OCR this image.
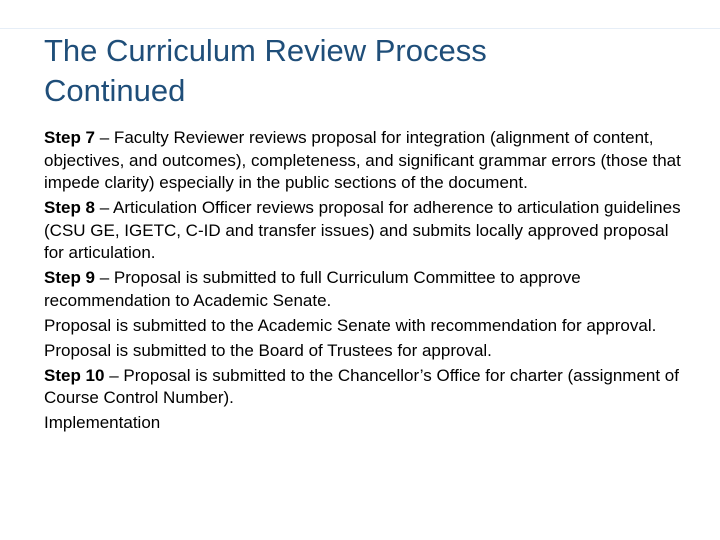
The Curriculum Review Process
Continued

Step 7 – Faculty Reviewer reviews proposal for integration (alignment of content, objectives, and outcomes), completeness, and significant grammar errors (those that impede clarity) especially in the public sections of the document.

Step 8 – Articulation Officer reviews proposal for adherence to articulation guidelines (CSU GE, IGETC, C-ID and transfer issues) and submits locally approved proposal for articulation.

Step 9 – Proposal is submitted to full Curriculum Committee to approve recommendation to Academic Senate.

Proposal is submitted to the Academic Senate with recommendation for approval.

Proposal is submitted to the Board of Trustees for approval.

Step 10 – Proposal is submitted to the Chancellor’s Office for charter (assignment of Course Control Number).

Implementation
